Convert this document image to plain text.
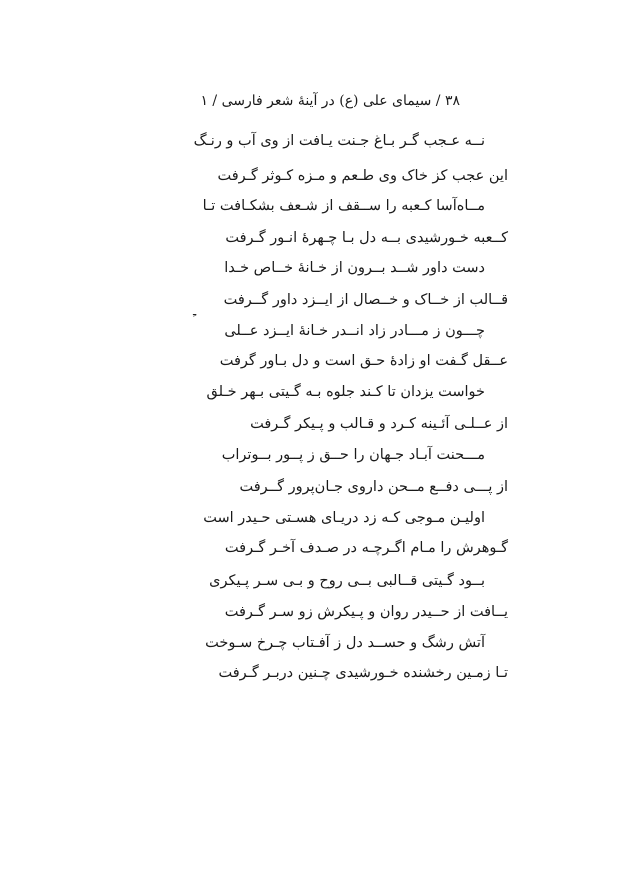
۳۸ / سیمای علی (ع) در آینهٔ شعر فارسی / ۱
نــه عـجب گـر بـاغ جـنت یـافت از وی آب و رنـگ
این عجب کز خاک وی طـعم و مـزه کـوثر گـرفت
مــاه‌آسا کـعبه را ســقف از شـعف بشکـافت تـا
کــعبه خـورشیدی بــه دل بـا چـهرهٔ انـور گـرفت
دست داور شــد بــرون از خـانهٔ خــاص خـدا
قــالب از خــاک و خــصال از ایــزد داور گــرفت
چـــون ز مـــادر زاد انــدر خـانهٔ ایــزد عــلی
عــقل گـفت او زادهٔ حـق است و دل بـاور گرفت
خواست یزدان تا کـند جلوه بـه گـیتی بـهر خـلق
از عــلـی آئـینه کـرد و قـالب و پـیکر گـرفت
مـــحنت آبـاد جـهان را حــق ز پــور بــوتراب
از پـــی دفــع مــحن داروی جـان‌پرور گــرفت
اولیـن مـوجی کـه زد دریـای هسـتی حـیدر است
گـوهرش را مـام اگـرچـه در صـدف آخـر گـرفت
بــود گـیتی قــالبی بــی روح و بـی سـر پـیکری
یــافت از حــیدر روان و پـیکرش زو سـر گـرفت
آتش رشگ و حســد دل ز آفـتاب چـرخ سـوخت
تـا زمـین رخشنده خـورشیدی چـنین دربـر گـرفت
ﹻ
